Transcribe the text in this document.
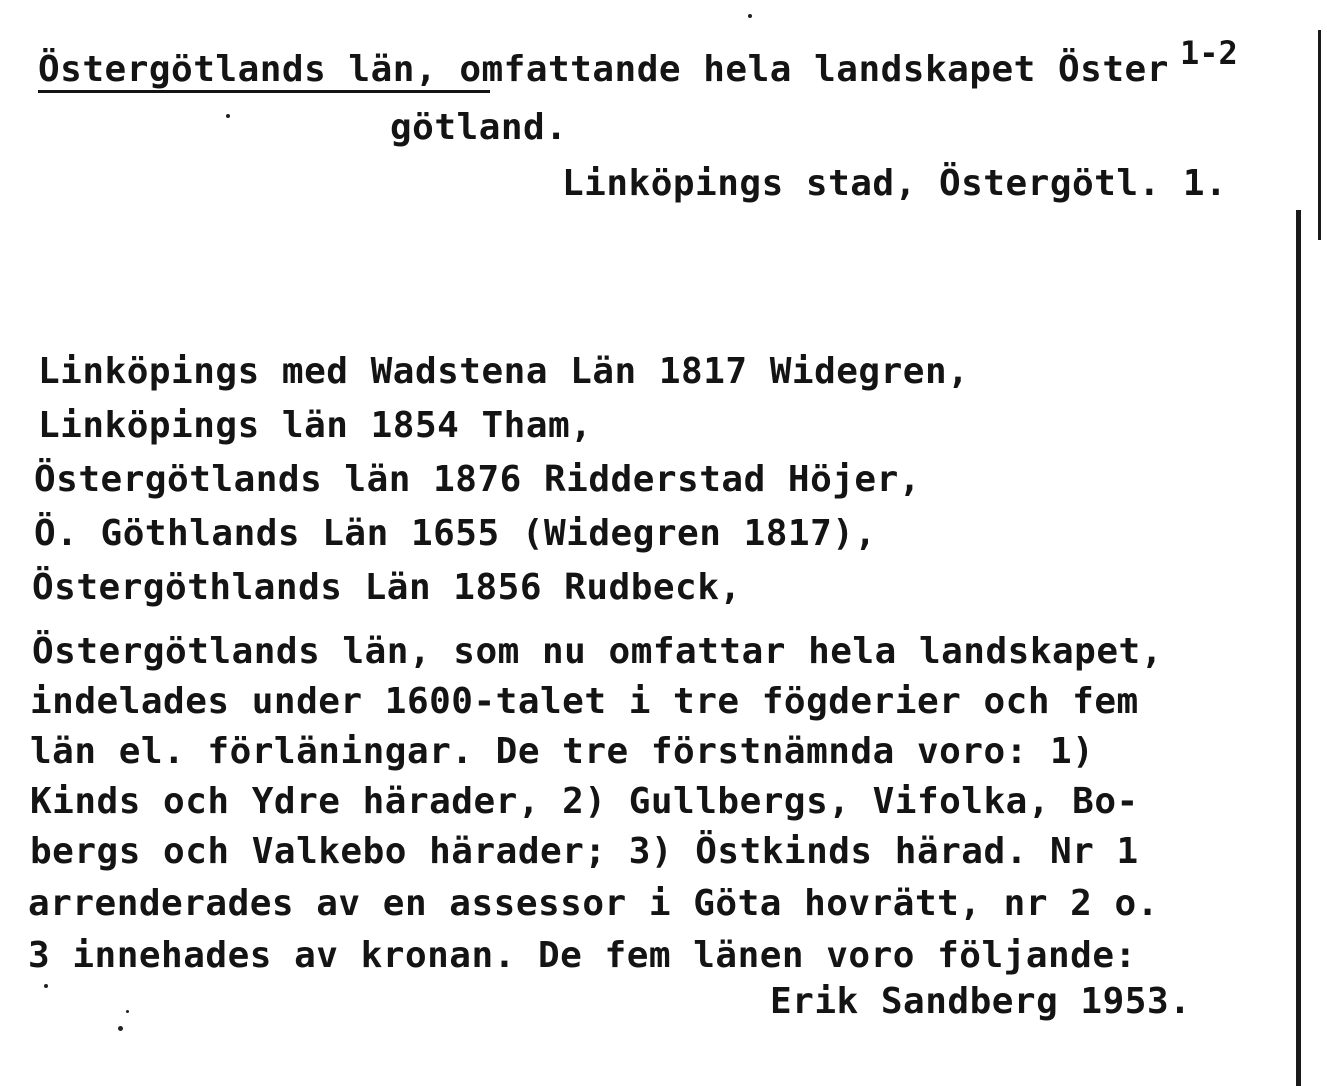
1-2
Östergötlands län, omfattande hela landskapet Öster
götland.
Linköpings stad, Östergötl. 1.
Linköpings med Wadstena Län 1817 Widegren,
Linköpings län 1854 Tham,
Östergötlands län 1876 Ridderstad Höjer,
Ö. Göthlands Län 1655 (Widegren 1817),
Östergöthlands Län 1856 Rudbeck,
Östergötlands län, som nu omfattar hela landskapet,
indelades under 1600-talet i tre fögderier och fem
län el. förläningar. De tre förstnämnda voro: 1)
Kinds och Ydre härader, 2) Gullbergs, Vifolka, Bo-
bergs och Valkebo härader; 3) Östkinds härad. Nr 1
arrenderades av en assessor i Göta hovrätt, nr 2 o.
3 innehades av kronan. De fem länen voro följande:
Erik Sandberg 1953.
